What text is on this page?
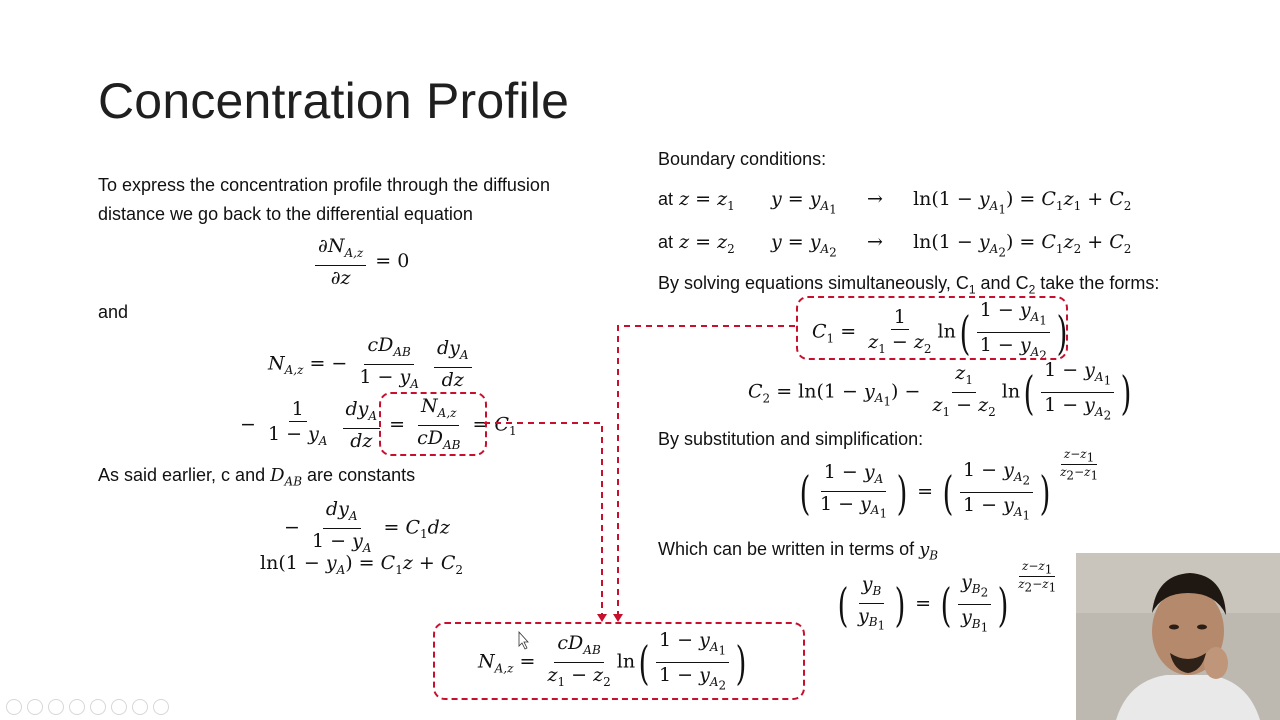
Concentration Profile
To express the concentration profile through the diffusion
distance we go back to the differential equation
$\frac{\partial N_{A,z}}{\partial z} = 0$
and
$N_{A,z}$ = − $\frac{cD_{AB}}{1 - y_A}$
$\frac{dy_A}{dz}$
− $\frac{1}{1 - y_A}$
$\frac{dy_A}{dz} = \frac{N_{A,z}}{cD_{AB}} = C_1$
As said earlier, c and $D_{AB}$ are constants
− $\frac{dy_A}{1 - y_A} = C_1dz$
$\ln(1 - y_A) = C_1z + C_2$
Boundary conditions:
at $z = z_1$ $y = y_{A_1}$     →     $\ln(1 - y_{A_1}) = C_1z_1 + C_2$
at $z = z_2$ $y = y_{A_2}$     →     $\ln(1 - y_{A_2}) = C_1z_2 + C_2$
By solving equations simultaneously, $C_1$ and $C_2$ take the forms:
$C_1 = \frac{1}{z_1 - z_2} \ln( \frac{1 - y_{A_1}}{1 - y_{A_2}}$ )
$C_2 = \ln(1 - y_{A_1}) - \frac{z_1}{z_1 - z_2} \ln( \frac{1 - y_{A_1}}{1 - y_{A_2}}$ )
By substitution and simplification:
( $\frac{1 - y_A}{1 - y_{A_1}}$ ) = ( $\frac{1 - y_{A_2}}{1 - y_{A_1}}$ )
$^{\frac{z-z_1}{z_2-z_1}}$
Which can be written in terms of $y_B$
( $\frac{y_B}{y_{B_1}}$ ) = ( $\frac{y_{B_2}}{y_{B_1}}$ )
$^{\frac{z-z_1}{z_2-z_1}}$
$N_{A,z} = \frac{cD_{AB}}{z_1 - z_2} \ln( \frac{1 - y_{A_1}}{1 - y_{A_2}}$ )
